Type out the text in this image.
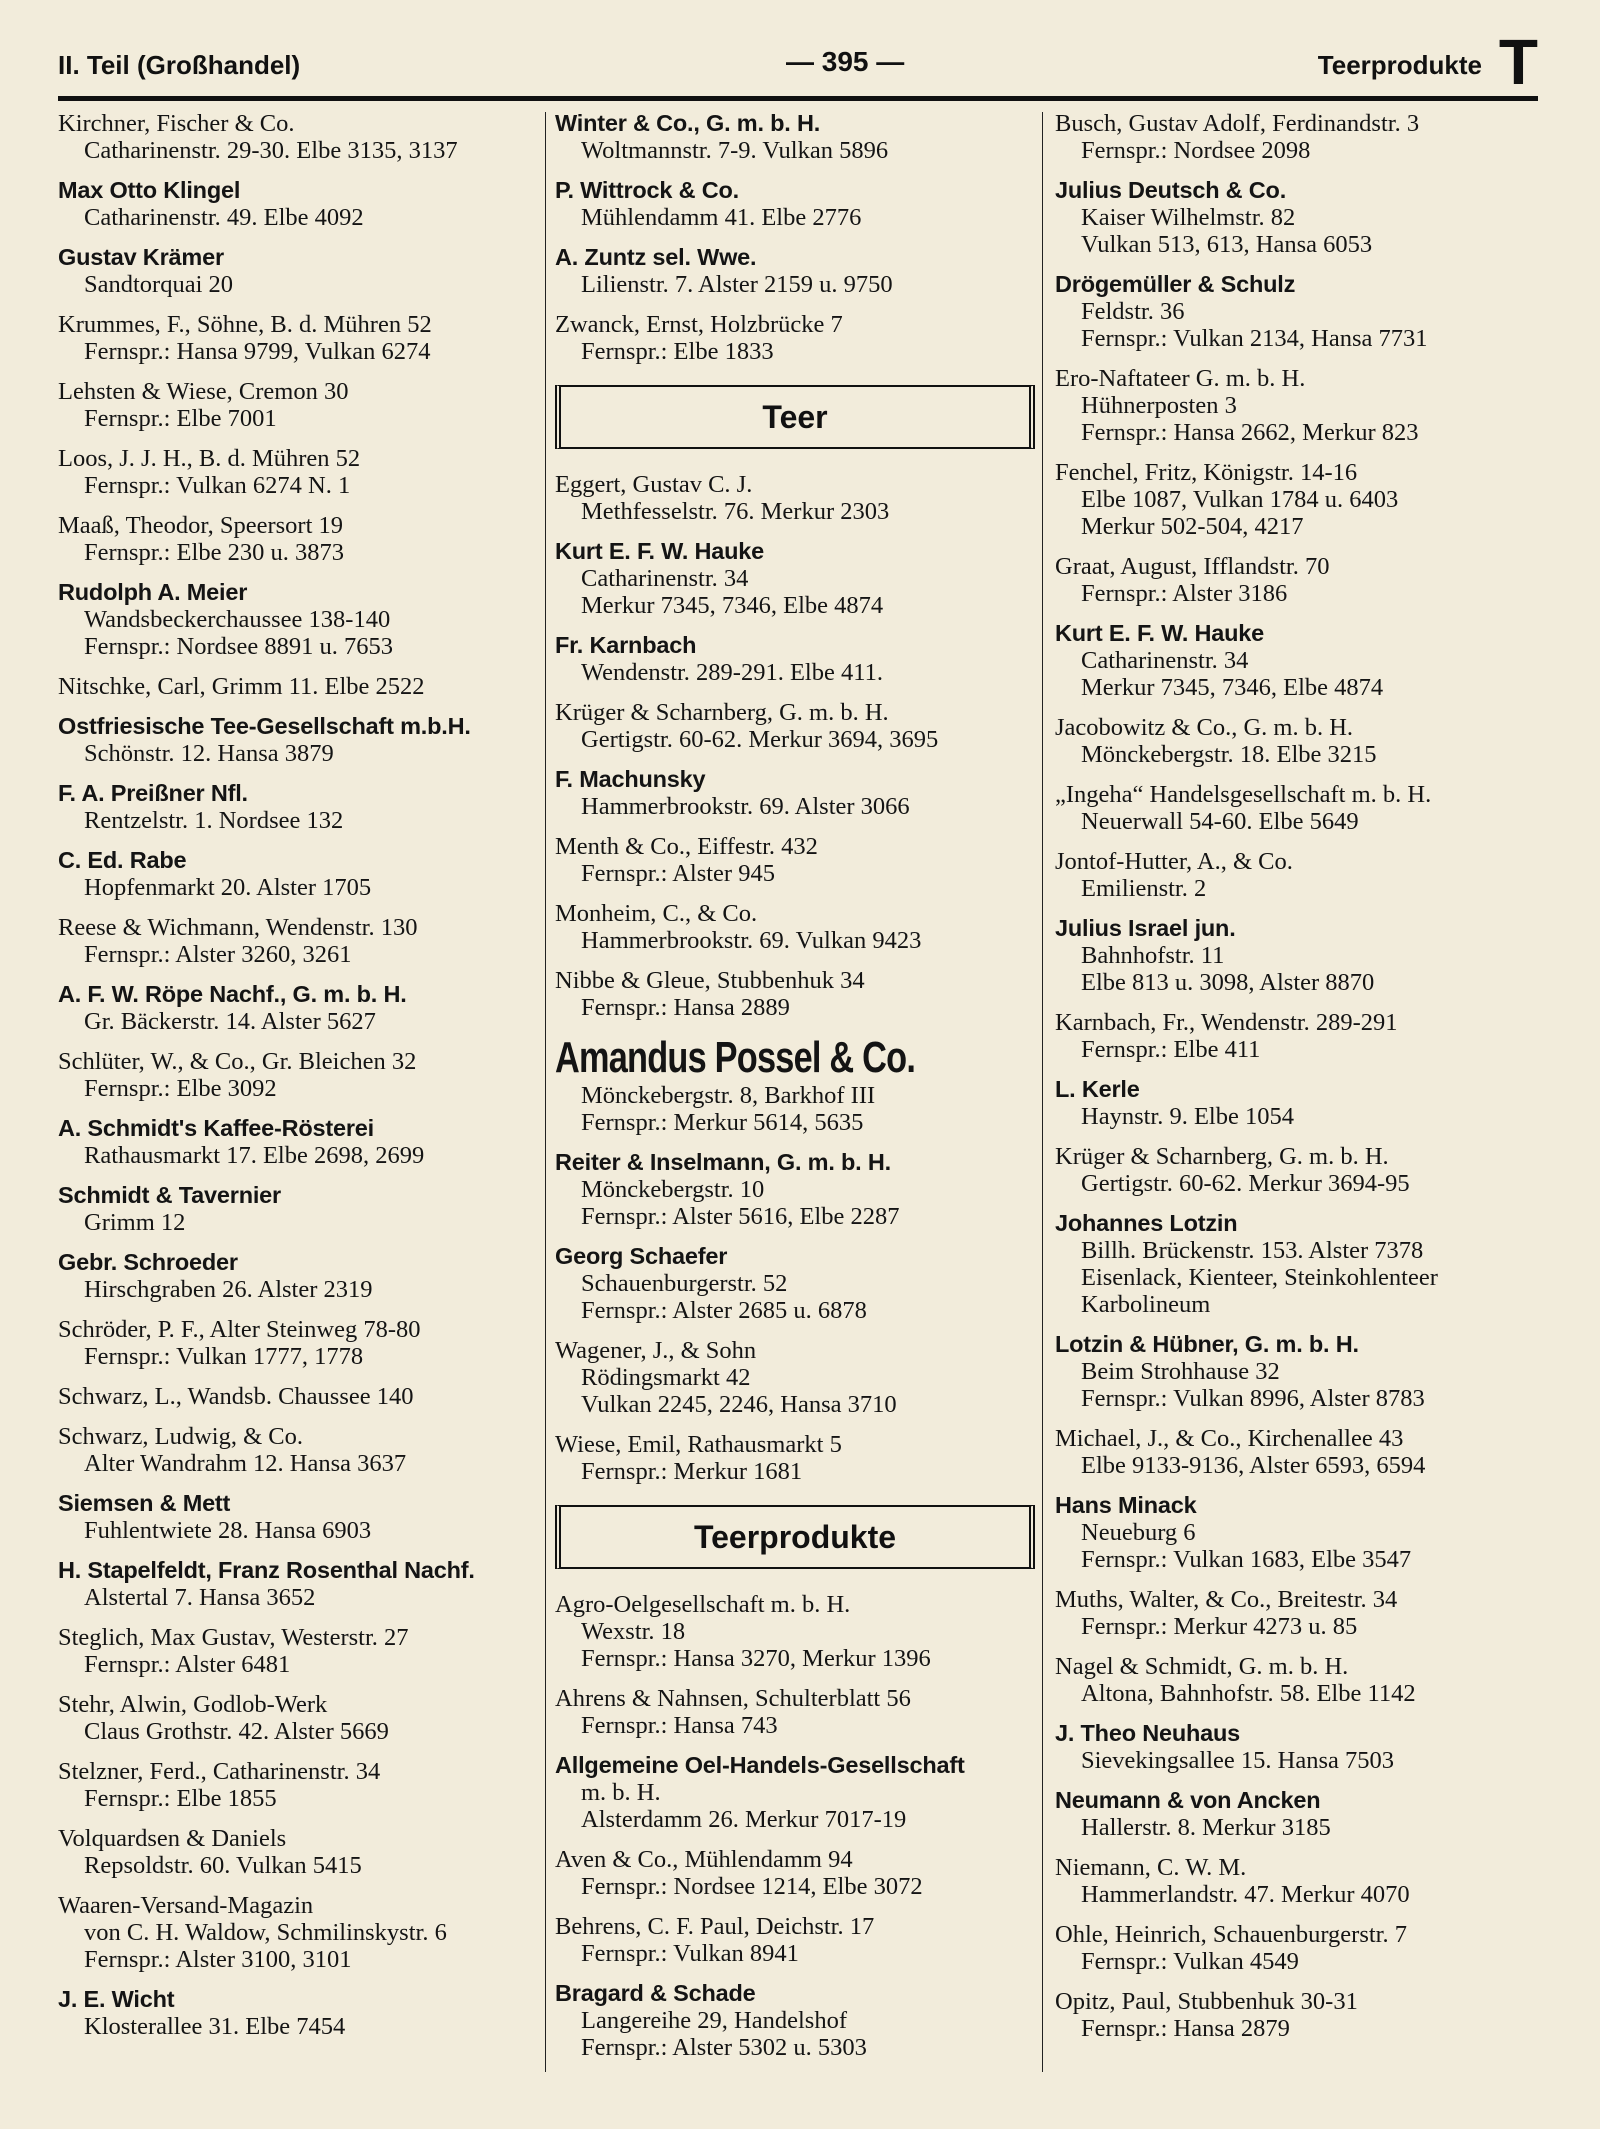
II. Teil (Großhandel)	— 395 —	Teerprodukte T
Kirchner, Fischer & Co.
Catharinenstr. 29-30. Elbe 3135, 3137
Max Otto Klingel
Catharinenstr. 49. Elbe 4092
Gustav Krämer
Sandtorquai 20
Krummes, F., Söhne, B. d. Mühren 52
Fernspr.: Hansa 9799, Vulkan 6274
Lehsten & Wiese, Cremon 30
Fernspr.: Elbe 7001
Loos, J. J. H., B. d. Mühren 52
Fernspr.: Vulkan 6274 N. 1
Maaß, Theodor, Speersort 19
Fernspr.: Elbe 230 u. 3873
Rudolph A. Meier
Wandsbeckerchaussee 138-140
Fernspr.: Nordsee 8891 u. 7653
Nitschke, Carl, Grimm 11. Elbe 2522
Ostfriesische Tee-Gesellschaft m.b.H.
Schönstr. 12. Hansa 3879
F. A. Preißner Nfl.
Rentzelstr. 1. Nordsee 132
C. Ed. Rabe
Hopfenmarkt 20. Alster 1705
Reese & Wichmann, Wendenstr. 130
Fernspr.: Alster 3260, 3261
A. F. W. Röpe Nachf., G. m. b. H.
Gr. Bäckerstr. 14. Alster 5627
Schlüter, W., & Co., Gr. Bleichen 32
Fernspr.: Elbe 3092
A. Schmidt's Kaffee-Rösterei
Rathausmarkt 17. Elbe 2698, 2699
Schmidt & Tavernier
Grimm 12
Gebr. Schroeder
Hirschgraben 26. Alster 2319
Schröder, P. F., Alter Steinweg 78-80
Fernspr.: Vulkan 1777, 1778
Schwarz, L., Wandsb. Chaussee 140
Schwarz, Ludwig, & Co.
Alter Wandrahm 12. Hansa 3637
Siemsen & Mett
Fuhlentwiete 28. Hansa 6903
H. Stapelfeldt, Franz Rosenthal Nachf.
Alstertal 7. Hansa 3652
Steglich, Max Gustav, Westerstr. 27
Fernspr.: Alster 6481
Stehr, Alwin, Godlob-Werk
Claus Grothstr. 42. Alster 5669
Stelzner, Ferd., Catharinenstr. 34
Fernspr.: Elbe 1855
Volquardsen & Daniels
Repsoldstr. 60. Vulkan 5415
Waaren-Versand-Magazin
von C. H. Waldow, Schmilinskystr. 6
Fernspr.: Alster 3100, 3101
J. E. Wicht
Klosterallee 31. Elbe 7454
Winter & Co., G. m. b. H.
Woltmannstr. 7-9. Vulkan 5896
P. Wittrock & Co.
Mühlendamm 41. Elbe 2776
A. Zuntz sel. Wwe.
Lilienstr. 7. Alster 2159 u. 9750
Zwanck, Ernst, Holzbrücke 7
Fernspr.: Elbe 1833
Teer
Eggert, Gustav C. J.
Methfesselstr. 76. Merkur 2303
Kurt E. F. W. Hauke
Catharinenstr. 34
Merkur 7345, 7346, Elbe 4874
Fr. Karnbach
Wendenstr. 289-291. Elbe 411.
Krüger & Scharnberg, G. m. b. H.
Gertigstr. 60-62. Merkur 3694, 3695
F. Machunsky
Hammerbrookstr. 69. Alster 3066
Menth & Co., Eiffestr. 432
Fernspr.: Alster 945
Monheim, C., & Co.
Hammerbrookstr. 69. Vulkan 9423
Nibbe & Gleue, Stubbenhuk 34
Fernspr.: Hansa 2889
Amandus Possel & Co.
Mönckebergstr. 8, Barkhof III
Fernspr.: Merkur 5614, 5635
Reiter & Inselmann, G. m. b. H.
Mönckebergstr. 10
Fernspr.: Alster 5616, Elbe 2287
Georg Schaefer
Schauenburgerstr. 52
Fernspr.: Alster 2685 u. 6878
Wagener, J., & Sohn
Rödingsmarkt 42
Vulkan 2245, 2246, Hansa 3710
Wiese, Emil, Rathausmarkt 5
Fernspr.: Merkur 1681
Teerprodukte
Agro-Oelgesellschaft m. b. H.
Wexstr. 18
Fernspr.: Hansa 3270, Merkur 1396
Ahrens & Nahnsen, Schulterblatt 56
Fernspr.: Hansa 743
Allgemeine Oel-Handels-Gesellschaft
m. b. H.
Alsterdamm 26. Merkur 7017-19
Aven & Co., Mühlendamm 94
Fernspr.: Nordsee 1214, Elbe 3072
Behrens, C. F. Paul, Deichstr. 17
Fernspr.: Vulkan 8941
Bragard & Schade
Langereihe 29, Handelshof
Fernspr.: Alster 5302 u. 5303
Busch, Gustav Adolf, Ferdinandstr. 3
Fernspr.: Nordsee 2098
Julius Deutsch & Co.
Kaiser Wilhelmstr. 82
Vulkan 513, 613, Hansa 6053
Drögemüller & Schulz
Feldstr. 36
Fernspr.: Vulkan 2134, Hansa 7731
Ero-Naftateer G. m. b. H.
Hühnerposten 3
Fernspr.: Hansa 2662, Merkur 823
Fenchel, Fritz, Königstr. 14-16
Elbe 1087, Vulkan 1784 u. 6403
Merkur 502-504, 4217
Graat, August, Ifflandstr. 70
Fernspr.: Alster 3186
Kurt E. F. W. Hauke
Catharinenstr. 34
Merkur 7345, 7346, Elbe 4874
Jacobowitz & Co., G. m. b. H.
Mönckebergstr. 18. Elbe 3215
„Ingeha“ Handelsgesellschaft m. b. H.
Neuerwall 54-60. Elbe 5649
Jontof-Hutter, A., & Co.
Emilienstr. 2
Julius Israel jun.
Bahnhofstr. 11
Elbe 813 u. 3098, Alster 8870
Karnbach, Fr., Wendenstr. 289-291
Fernspr.: Elbe 411
L. Kerle
Haynstr. 9. Elbe 1054
Krüger & Scharnberg, G. m. b. H.
Gertigstr. 60-62. Merkur 3694-95
Johannes Lotzin
Billh. Brückenstr. 153. Alster 7378
Eisenlack, Kienteer, Steinkohlenteer
Karbolineum
Lotzin & Hübner, G. m. b. H.
Beim Strohhause 32
Fernspr.: Vulkan 8996, Alster 8783
Michael, J., & Co., Kirchenallee 43
Elbe 9133-9136, Alster 6593, 6594
Hans Minack
Neueburg 6
Fernspr.: Vulkan 1683, Elbe 3547
Muths, Walter, & Co., Breitestr. 34
Fernspr.: Merkur 4273 u. 85
Nagel & Schmidt, G. m. b. H.
Altona, Bahnhofstr. 58. Elbe 1142
J. Theo Neuhaus
Sievekingsallee 15. Hansa 7503
Neumann & von Ancken
Hallerstr. 8. Merkur 3185
Niemann, C. W. M.
Hammerlandstr. 47. Merkur 4070
Ohle, Heinrich, Schauenburgerstr. 7
Fernspr.: Vulkan 4549
Opitz, Paul, Stubbenhuk 30-31
Fernspr.: Hansa 2879
